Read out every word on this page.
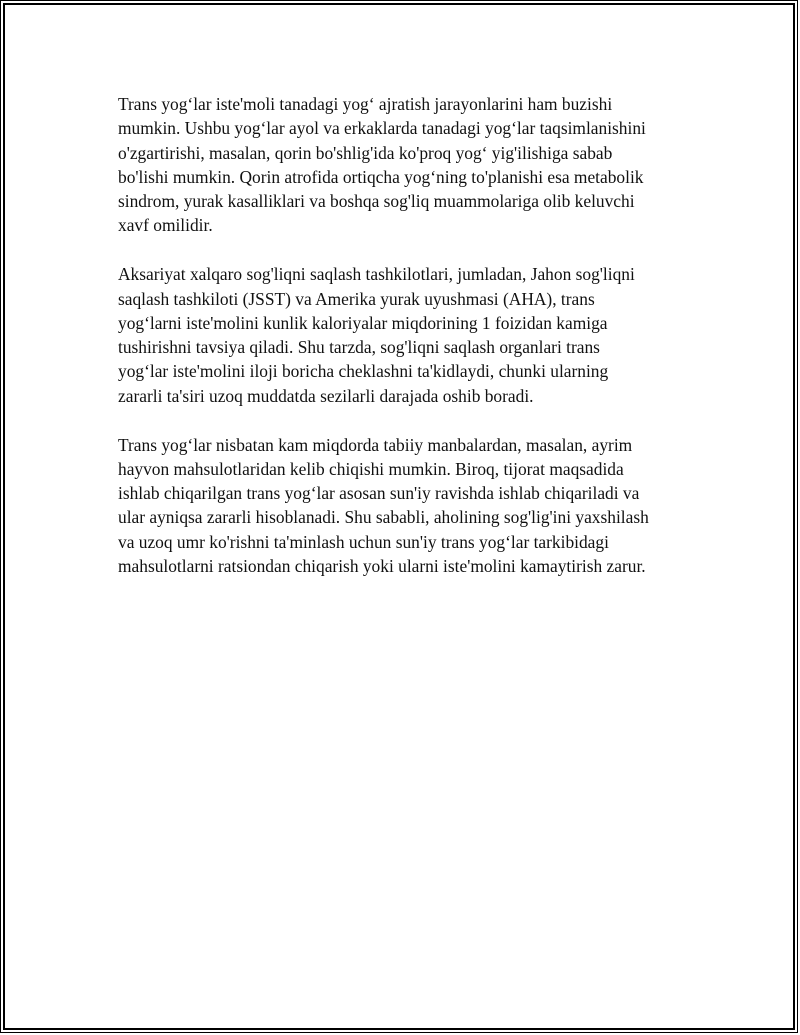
Trans yog‘lar iste'moli tanadagi yog‘ ajratish jarayonlarini ham buzishi
mumkin. Ushbu yog‘lar ayol va erkaklarda tanadagi yog‘lar taqsimlanishini
o'zgartirishi, masalan, qorin bo'shlig'ida ko'proq yog‘ yig'ilishiga sabab
bo'lishi mumkin. Qorin atrofida ortiqcha yog‘ning to'planishi esa metabolik
sindrom, yurak kasalliklari va boshqa sog'liq muammolariga olib keluvchi
xavf omilidir.

Aksariyat xalqaro sog'liqni saqlash tashkilotlari, jumladan, Jahon sog'liqni
saqlash tashkiloti (JSST) va Amerika yurak uyushmasi (AHA), trans
yog‘larni iste'molini kunlik kaloriyalar miqdorining 1 foizidan kamiga
tushirishni tavsiya qiladi. Shu tarzda, sog'liqni saqlash organlari trans
yog‘lar iste'molini iloji boricha cheklashni ta'kidlaydi, chunki ularning
zararli ta'siri uzoq muddatda sezilarli darajada oshib boradi.

Trans yog‘lar nisbatan kam miqdorda tabiiy manbalardan, masalan, ayrim
hayvon mahsulotlaridan kelib chiqishi mumkin. Biroq, tijorat maqsadida
ishlab chiqarilgan trans yog‘lar asosan sun'iy ravishda ishlab chiqariladi va
ular ayniqsa zararli hisoblanadi. Shu sababli, aholining sog'lig'ini yaxshilash
va uzoq umr ko'rishni ta'minlash uchun sun'iy trans yog‘lar tarkibidagi
mahsulotlarni ratsiondan chiqarish yoki ularni iste'molini kamaytirish zarur.
